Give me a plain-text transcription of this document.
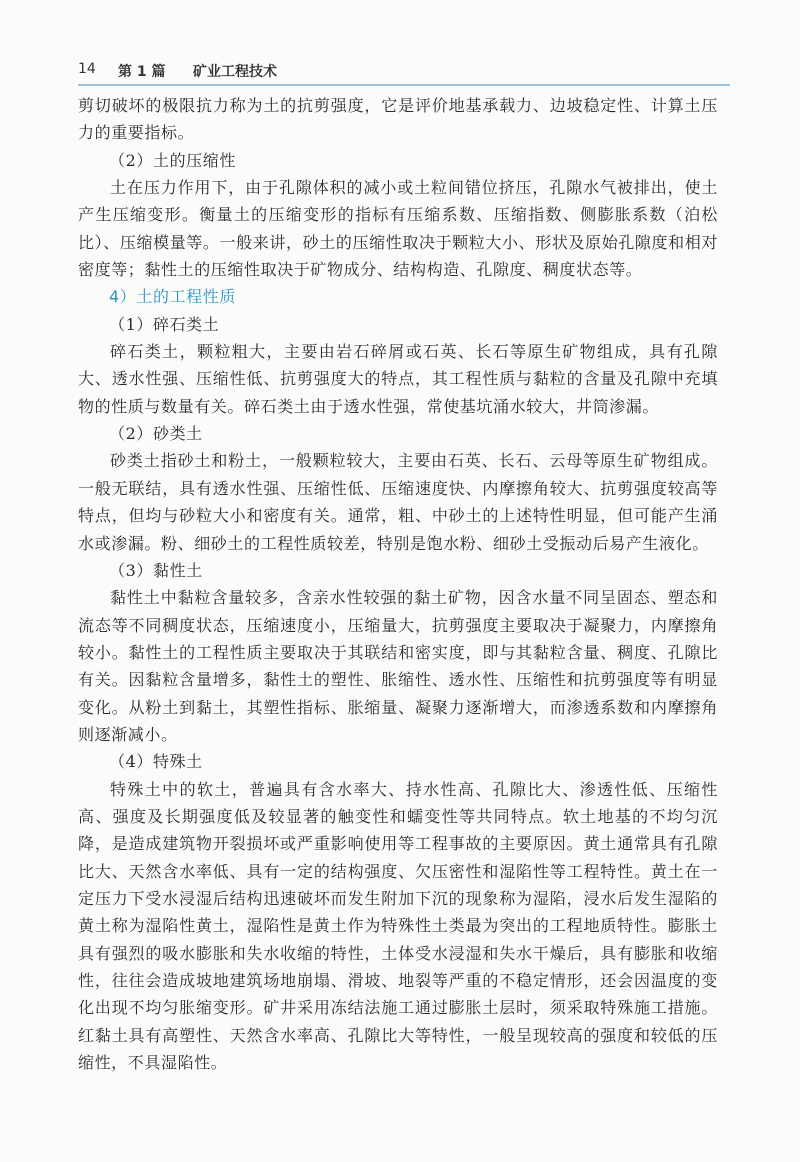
14 第 1 篇 矿业工程技术

剪切破坏的极限抗力称为土的抗剪强度，它是评价地基承载力、边坡稳定性、计算土压力的重要指标。

（2）土的压缩性

土在压力作用下，由于孔隙体积的减小或土粒间错位挤压，孔隙水气被排出，使土产生压缩变形。衡量土的压缩变形的指标有压缩系数、压缩指数、侧膨胀系数（泊松比）、压缩模量等。一般来讲，砂土的压缩性取决于颗粒大小、形状及原始孔隙度和相对密度等；黏性土的压缩性取决于矿物成分、结构构造、孔隙度、稠度状态等。

4）土的工程性质

（1）碎石类土

碎石类土，颗粒粗大，主要由岩石碎屑或石英、长石等原生矿物组成，具有孔隙大、透水性强、压缩性低、抗剪强度大的特点，其工程性质与黏粒的含量及孔隙中充填物的性质与数量有关。碎石类土由于透水性强，常使基坑涌水较大，井筒渗漏。

（2）砂类土

砂类土指砂土和粉土，一般颗粒较大，主要由石英、长石、云母等原生矿物组成。一般无联结，具有透水性强、压缩性低、压缩速度快、内摩擦角较大、抗剪强度较高等特点，但均与砂粒大小和密度有关。通常，粗、中砂土的上述特性明显，但可能产生涌水或渗漏。粉、细砂土的工程性质较差，特别是饱水粉、细砂土受振动后易产生液化。

（3）黏性土

黏性土中黏粒含量较多，含亲水性较强的黏土矿物，因含水量不同呈固态、塑态和流态等不同稠度状态，压缩速度小，压缩量大，抗剪强度主要取决于凝聚力，内摩擦角较小。黏性土的工程性质主要取决于其联结和密实度，即与其黏粒含量、稠度、孔隙比有关。因黏粒含量增多，黏性土的塑性、胀缩性、透水性、压缩性和抗剪强度等有明显变化。从粉土到黏土，其塑性指标、胀缩量、凝聚力逐渐增大，而渗透系数和内摩擦角则逐渐减小。

（4）特殊土

特殊土中的软土，普遍具有含水率大、持水性高、孔隙比大、渗透性低、压缩性高、强度及长期强度低及较显著的触变性和蠕变性等共同特点。软土地基的不均匀沉降，是造成建筑物开裂损坏或严重影响使用等工程事故的主要原因。黄土通常具有孔隙比大、天然含水率低、具有一定的结构强度、欠压密性和湿陷性等工程特性。黄土在一定压力下受水浸湿后结构迅速破坏而发生附加下沉的现象称为湿陷，浸水后发生湿陷的黄土称为湿陷性黄土，湿陷性是黄土作为特殊性土类最为突出的工程地质特性。膨胀土具有强烈的吸水膨胀和失水收缩的特性，土体受水浸湿和失水干燥后，具有膨胀和收缩性，往往会造成坡地建筑场地崩塌、滑坡、地裂等严重的不稳定情形，还会因温度的变化出现不均匀胀缩变形。矿井采用冻结法施工通过膨胀土层时，须采取特殊施工措施。红黏土具有高塑性、天然含水率高、孔隙比大等特性，一般呈现较高的强度和较低的压缩性，不具湿陷性。
